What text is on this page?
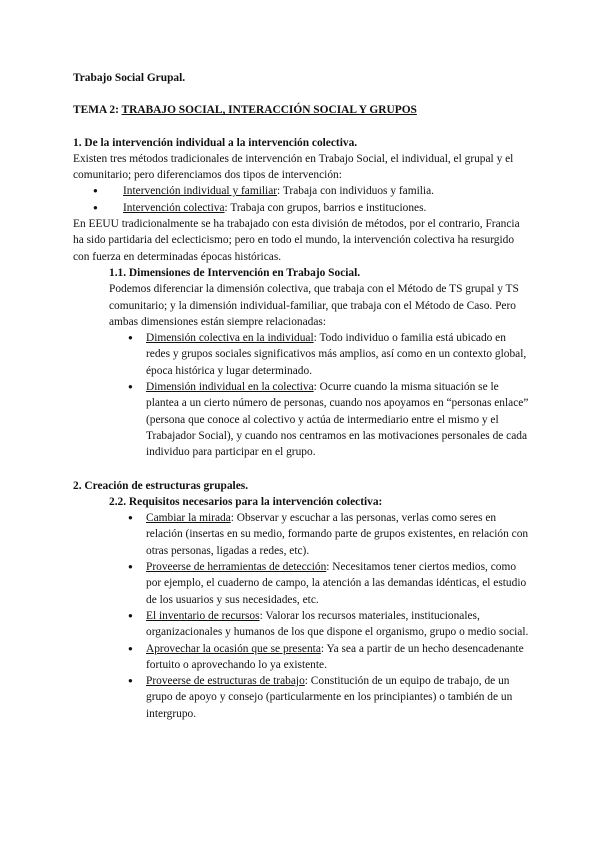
Trabajo Social Grupal.

TEMA 2: TRABAJO SOCIAL, INTERACCIÓN SOCIAL Y GRUPOS

1. De la intervención individual a la intervención colectiva.

Existen tres métodos tradicionales de intervención en Trabajo Social, el individual, el grupal y el comunitario; pero diferenciamos dos tipos de intervención:

● Intervención individual y familiar: Trabaja con individuos y familia.
● Intervención colectiva: Trabaja con grupos, barrios e instituciones.

En EEUU tradicionalmente se ha trabajado con esta división de métodos, por el contrario, Francia ha sido partidaria del eclecticismo; pero en todo el mundo, la intervención colectiva ha resurgido con fuerza en determinadas épocas históricas.

1.1. Dimensiones de Intervención en Trabajo Social.

Podemos diferenciar la dimensión colectiva, que trabaja con el Método de TS grupal y TS comunitario; y la dimensión individual-familiar, que trabaja con el Método de Caso. Pero ambas dimensiones están siempre relacionadas:

● Dimensión colectiva en la individual: Todo individuo o familia está ubicado en redes y grupos sociales significativos más amplios, así como en un contexto global, época histórica y lugar determinado.
● Dimensión individual en la colectiva: Ocurre cuando la misma situación se le plantea a un cierto número de personas, cuando nos apoyamos en “personas enlace” (persona que conoce al colectivo y actúa de intermediario entre el mismo y el Trabajador Social), y cuando nos centramos en las motivaciones personales de cada individuo para participar en el grupo.

2. Creación de estructuras grupales.

2.2. Requisitos necesarios para la intervención colectiva:

● Cambiar la mirada: Observar y escuchar a las personas, verlas como seres en relación (insertas en su medio, formando parte de grupos existentes, en relación con otras personas, ligadas a redes, etc).
● Proveerse de herramientas de detección: Necesitamos tener ciertos medios, como por ejemplo, el cuaderno de campo, la atención a las demandas idénticas, el estudio de los usuarios y sus necesidades, etc.
● El inventario de recursos: Valorar los recursos materiales, institucionales, organizacionales y humanos de los que dispone el organismo, grupo o medio social.
● Aprovechar la ocasión que se presenta: Ya sea a partir de un hecho desencadenante fortuito o aprovechando lo ya existente.
● Proveerse de estructuras de trabajo: Constitución de un equipo de trabajo, de un grupo de apoyo y consejo (particularmente en los principiantes) o también de un intergrupo.
